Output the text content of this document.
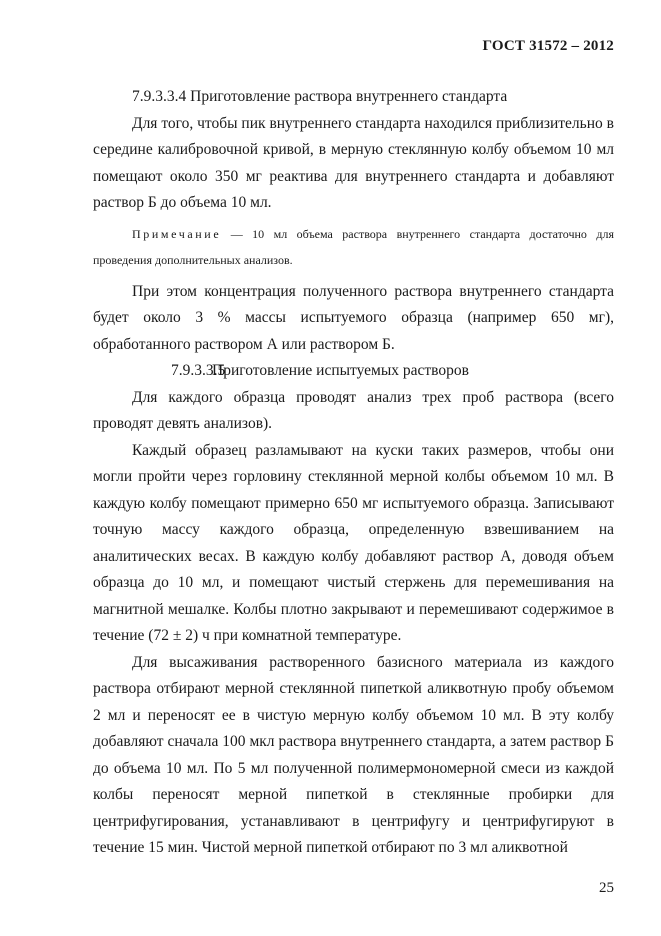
ГОСТ 31572 – 2012

7.9.3.3.4 Приготовление раствора внутреннего стандарта

Для того, чтобы пик внутреннего стандарта находился приблизительно в середине калибровочной кривой, в мерную стеклянную колбу объемом 10 мл помещают около 350 мг реактива для внутреннего стандарта и добавляют раствор Б до объема 10 мл.

Примечание — 10 мл объема раствора внутреннего стандарта достаточно для проведения дополнительных анализов.

При этом концентрация полученного раствора внутреннего стандарта будет около 3 % массы испытуемого образца (например 650 мг), обработанного раствором А или раствором Б.

7.9.3.3.5Приготовление испытуемых растворов

Для каждого образца проводят анализ трех проб раствора (всего проводят девять анализов).

Каждый образец разламывают на куски таких размеров, чтобы они могли пройти через горловину стеклянной мерной колбы объемом 10 мл. В каждую колбу помещают примерно 650 мг испытуемого образца. Записывают точную массу каждого образца, определенную взвешиванием на аналитических весах. В каждую колбу добавляют раствор А, доводя объем образца до 10 мл, и помещают чистый стержень для перемешивания на магнитной мешалке. Колбы плотно закрывают и перемешивают содержимое в течение (72 ± 2) ч при комнатной температуре.

Для высаживания растворенного базисного материала из каждого раствора отбирают мерной стеклянной пипеткой аликвотную пробу объемом 2 мл и переносят ее в чистую мерную колбу объемом 10 мл. В эту колбу добавляют сначала 100 мкл раствора внутреннего стандарта, а затем раствор Б до объема 10 мл. По 5 мл полученной полимермономерной смеси из каждой колбы переносят мерной пипеткой в стеклянные пробирки для центрифугирования, устанавливают в центрифугу и центрифугируют в течение 15 мин. Чистой мерной пипеткой отбирают по 3 мл аликвотной

25
